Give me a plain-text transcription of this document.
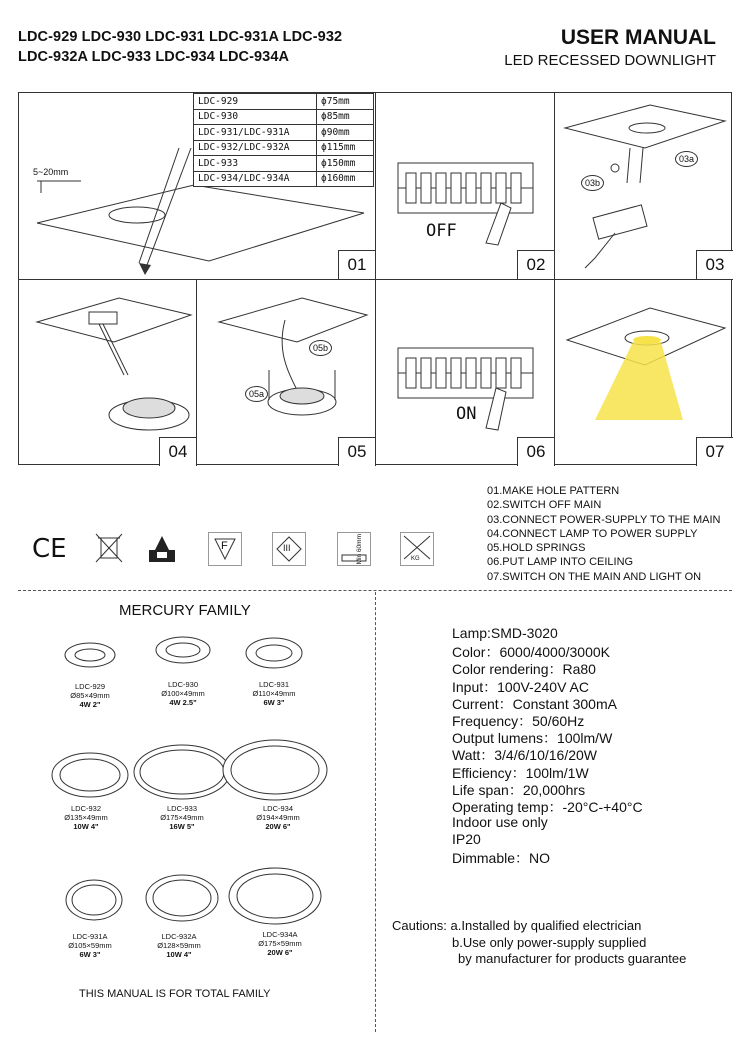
LDC-929 LDC-930 LDC-931 LDC-931A LDC-932
LDC-932A LDC-933 LDC-934 LDC-934A
USER MANUAL
LED RECESSED DOWNLIGHT
5~20mm
LDC-929	ϕ75mm
LDC-930	ϕ85mm
LDC-931/LDC-931A	ϕ90mm
LDC-932/LDC-932A	ϕ115mm
LDC-933	ϕ150mm
LDC-934/LDC-934A	ϕ160mm
01
OFF
02
03a
03b
03
04
05b
05a
05
ON
06	07
CE	F	III	Min 60mm	KG
01.MAKE HOLE PATTERN
02.SWITCH OFF MAIN
03.CONNECT POWER-SUPPLY TO THE MAIN
04.CONNECT LAMP TO POWER SUPPLY
05.HOLD SPRINGS
06.PUT LAMP INTO CEILING
07.SWITCH ON THE MAIN AND LIGHT ON
MERCURY FAMILY
LDC-929
Ø85×49mm
4W 2"
LDC-930
Ø100×49mm
4W 2.5"
LDC-931
Ø110×49mm
6W 3"
LDC-932
Ø135×49mm
10W 4"
LDC-933
Ø175×49mm
16W 5"
LDC-934
Ø194×49mm
20W 6"
LDC-931A
Ø105×59mm
6W 3"
LDC-932A
Ø128×59mm
10W 4"
LDC-934A
Ø175×59mm
20W 6"
THIS MANUAL IS FOR TOTAL FAMILY
Lamp:SMD-3020
Color：6000/4000/3000K
Color rendering：Ra80
Input：100V-240V AC
Current：Constant 300mA
Frequency：50/60Hz
Output lumens：100lm/W
Watt：3/4/6/10/16/20W
Efficiency：100lm/1W
Life span：20,000hrs
Operating temp：-20°C-+40°C
Indoor use only
IP20
Dimmable：NO
Cautions: a.Installed by qualified electrician
b.Use only power-supply supplied
by manufacturer for products guarantee
